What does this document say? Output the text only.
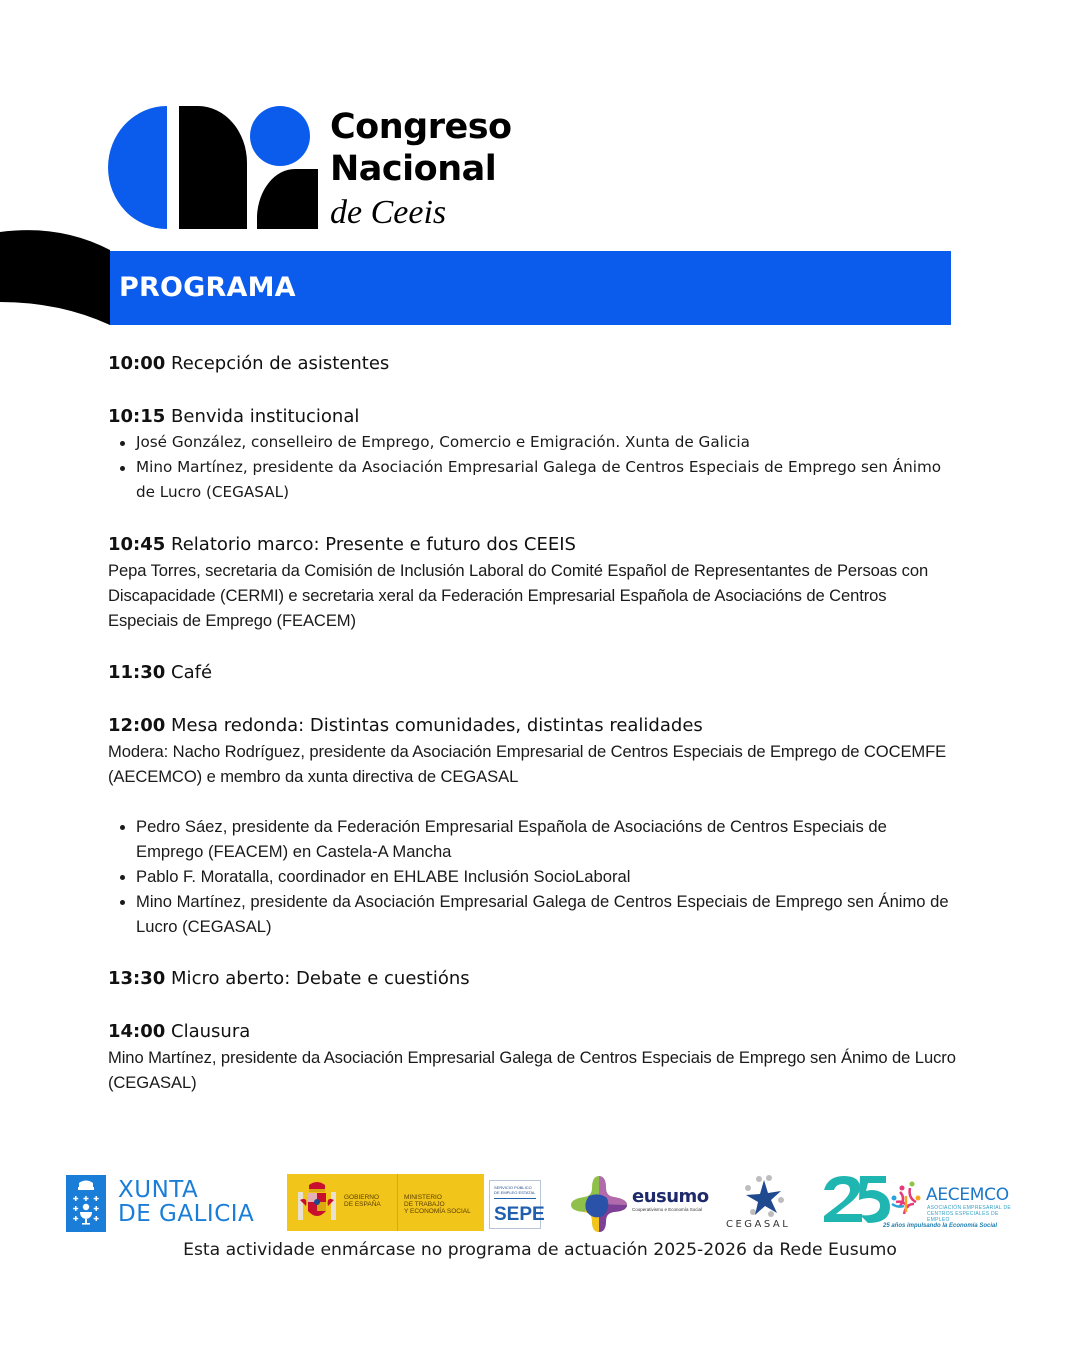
Congreso
Nacional
de Ceeis
PROGRAMA
10:00 Recepción de asistentes
10:15 Benvida institucional
José González, conselleiro de Emprego, Comercio e Emigración. Xunta de Galicia
Mino Martínez, presidente da Asociación Empresarial Galega de Centros Especiais de Emprego sen Ánimo de Lucro (CEGASAL)
10:45 Relatorio marco: Presente e futuro dos CEEIS
Pepa Torres, secretaria da Comisión de Inclusión Laboral do Comité Español de Representantes de Persoas con Discapacidade (CERMI) e secretaria xeral da Federación Empresarial Española de Asociacións de Centros Especiais de Emprego (FEACEM)
11:30 Café
12:00 Mesa redonda: Distintas comunidades, distintas realidades
Modera: Nacho Rodríguez, presidente da Asociación Empresarial de Centros Especiais de Emprego de COCEMFE (AECEMCO) e membro da xunta directiva de CEGASAL
Pedro Sáez, presidente da Federación Empresarial Española de Asociacións de Centros Especiais de Emprego (FEACEM) en Castela-A Mancha
Pablo F. Moratalla, coordinador en EHLABE Inclusión SocioLaboral
Mino Martínez, presidente da Asociación Empresarial Galega de Centros Especiais de Emprego sen Ánimo de Lucro (CEGASAL)
13:30 Micro aberto: Debate e cuestións
14:00 Clausura
Mino Martínez, presidente da Asociación Empresarial Galega de Centros Especiais de Emprego sen Ánimo de Lucro (CEGASAL)
XUNTA
DE GALICIA
GOBIERNO
DE ESPAÑA
MINISTERIO
DE TRABAJO
Y ECONOMÍA SOCIAL
SERVICIO PÚBLICO
DE EMPLEO ESTATAL
SEPE
eusumo
Cooperativismo e Economía Social
CEGASAL
AECEMCO
ASOCIACIÓN EMPRESARIAL DE
CENTROS ESPECIALES DE EMPLEO
25 años impulsando la Economía Social
Esta actividade enmárcase no programa de actuación 2025-2026 da Rede Eusumo
